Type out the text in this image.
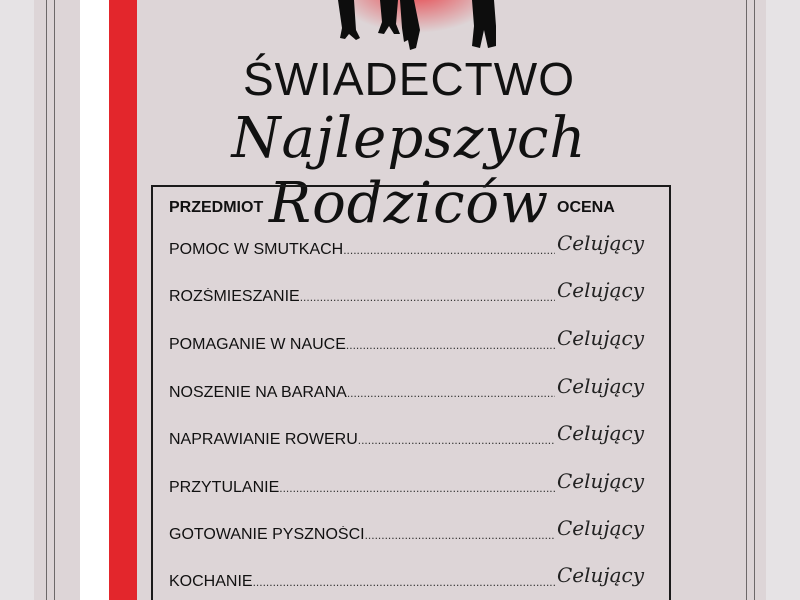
ŚWIADECTWO
Najlepszych Rodziców
PRZEDMIOT	OCENA
POMOC W SMUTKACH .....	Celujący
ROZŚMIESZANIE .....	Celujący
POMAGANIE W NAUCE .....	Celujący
NOSZENIE NA BARANA .....	Celujący
NAPRAWIANIE ROWERU .....	Celujący
PRZYTULANIE .....	Celujący
GOTOWANIE PYSZNOŚCI .....	Celujący
KOCHANIE .....	Celujący
